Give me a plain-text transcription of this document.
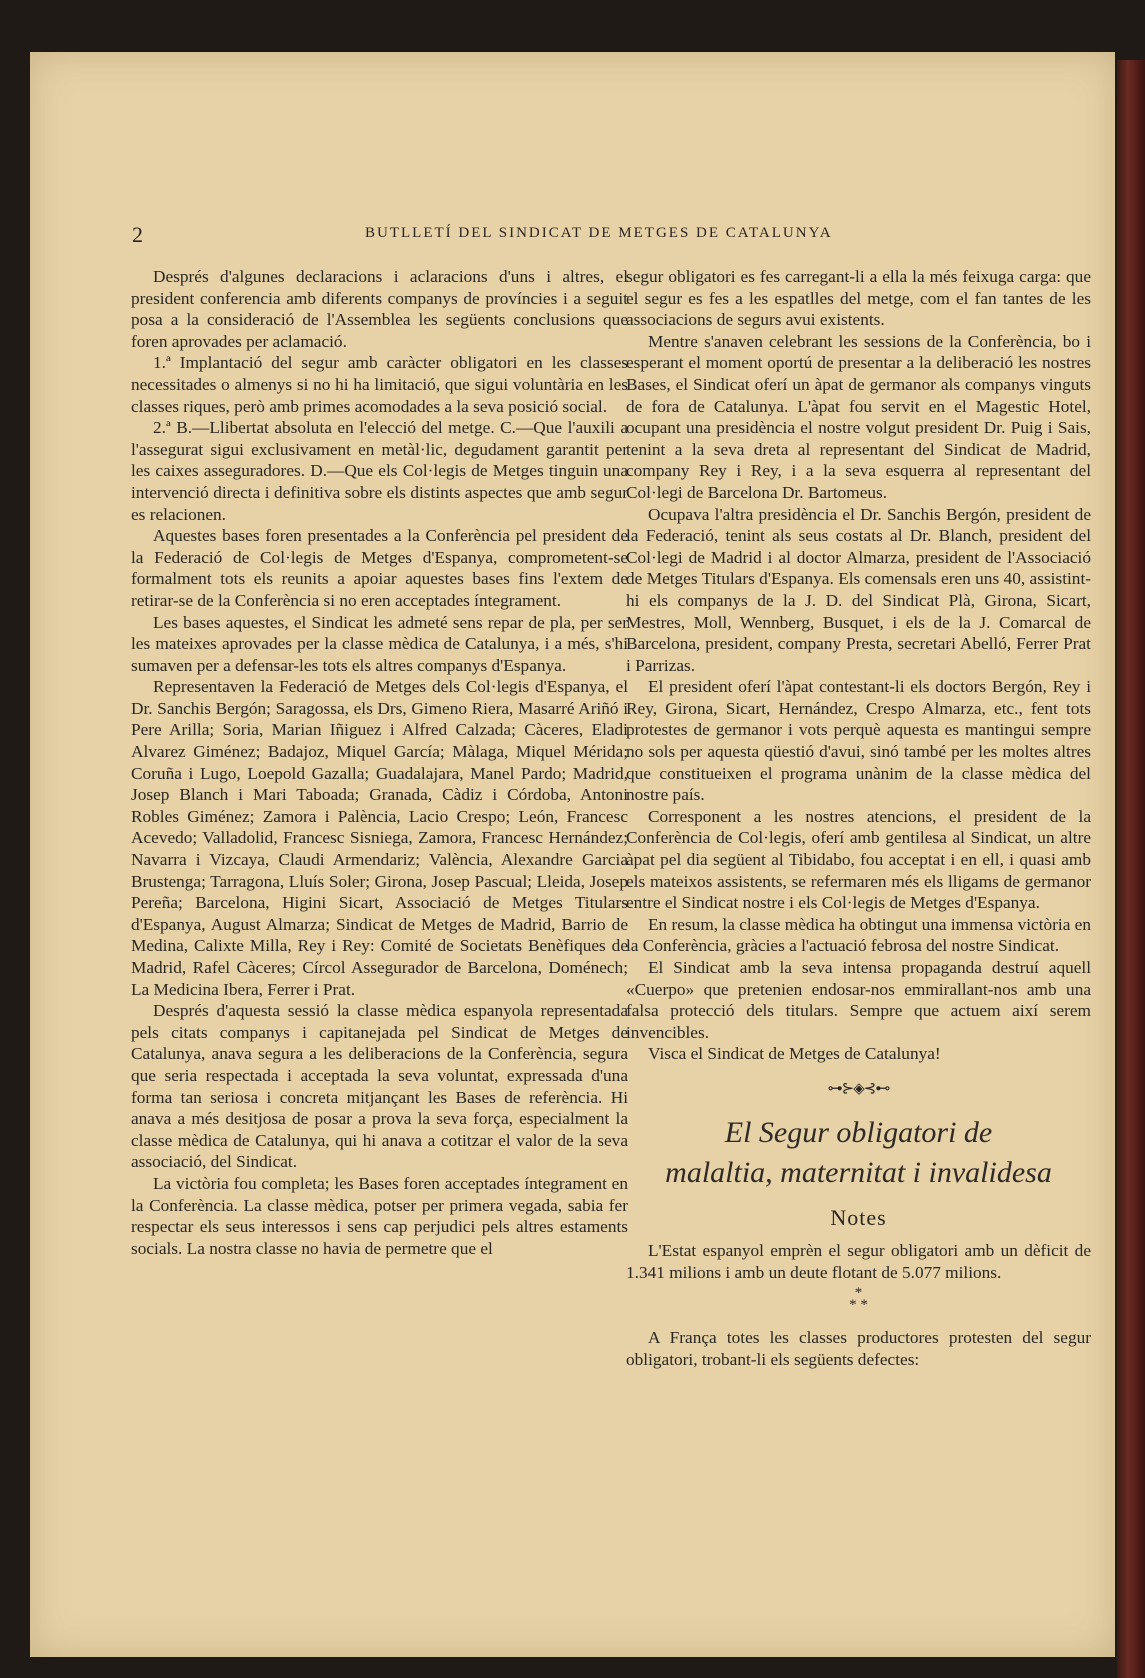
2	BUTLLETÍ DEL SINDICAT DE METGES DE CATALUNYA

Després d'algunes declaracions i aclaracions d'uns i altres, el president conferencia amb diferents companys de províncies i a seguit posa a la consideració de l'Assemblea les següents conclusions que foren aprovades per aclamació.

1.ª Implantació del segur amb caràcter obligatori en les classes necessitades o almenys si no hi ha limitació, que sigui voluntària en les classes riques, però amb primes acomodades a la seva posició social.

2.ª B.—Llibertat absoluta en l'elecció del metge. C.—Que l'auxili a l'assegurat sigui exclusivament en metàl·lic, degudament garantit per les caixes asseguradores. D.—Que els Col·legis de Metges tinguin una intervenció directa i definitiva sobre els distints aspectes que amb segur es relacionen.

Aquestes bases foren presentades a la Conferència pel president de la Federació de Col·legis de Metges d'Espanya, comprometent-se formalment tots els reunits a apoiar aquestes bases fins l'extem de retirar-se de la Conferència si no eren acceptades íntegrament.

Les bases aquestes, el Sindicat les admeté sens repar de pla, per ser les mateixes aprovades per la classe mèdica de Catalunya, i a més, s'hi sumaven per a defensar-les tots els altres companys d'Espanya.

Representaven la Federació de Metges dels Col·legis d'Espanya, el Dr. Sanchis Bergón; Saragossa, els Drs, Gimeno Riera, Masarré Ariñó i Pere Arilla; Soria, Marian Iñiguez i Alfred Calzada; Càceres, Eladi Alvarez Giménez; Badajoz, Miquel García; Màlaga, Miquel Mérida; Coruña i Lugo, Loepold Gazalla; Guadalajara, Manel Pardo; Madrid, Josep Blanch i Mari Taboada; Granada, Càdiz i Córdoba, Antoni Robles Giménez; Zamora i Palència, Lacio Crespo; León, Francesc Acevedo; Valladolid, Francesc Sisniega, Zamora, Francesc Hernández; Navarra i Vizcaya, Claudi Armendariz; València, Alexandre Garcia Brustenga; Tarragona, Lluís Soler; Girona, Josep Pascual; Lleida, Josep Pereña; Barcelona, Higini Sicart, Associació de Metges Titulars d'Espanya, August Almarza; Sindicat de Metges de Madrid, Barrio de Medina, Calixte Milla, Rey i Rey: Comité de Societats Benèfiques de Madrid, Rafel Càceres; Círcol Assegurador de Barcelona, Doménech; La Medicina Ibera, Ferrer i Prat.

Després d'aquesta sessió la classe mèdica espanyola representada pels citats companys i capitanejada pel Sindicat de Metges de Catalunya, anava segura a les deliberacions de la Conferència, segura que seria respectada i acceptada la seva voluntat, expressada d'una forma tan seriosa i concreta mitjançant les Bases de referència. Hi anava a més desitjosa de posar a prova la seva força, especialment la classe mèdica de Catalunya, qui hi anava a cotitzar el valor de la seva associació, del Sindicat.

La victòria fou completa; les Bases foren acceptades íntegrament en la Conferència. La classe mèdica, potser per primera vegada, sabia fer respectar els seus interessos i sens cap perjudici pels altres estaments socials. La nostra classe no havia de permetre que el

segur obligatori es fes carregant-li a ella la més feixuga carga: que el segur es fes a les espatlles del metge, com el fan tantes de les associacions de segurs avui existents.

Mentre s'anaven celebrant les sessions de la Conferència, bo i esperant el moment oportú de presentar a la deliberació les nostres Bases, el Sindicat oferí un àpat de germanor als companys vinguts de fora de Catalunya. L'àpat fou servit en el Magestic Hotel, ocupant una presidència el nostre volgut president Dr. Puig i Sais, tenint a la seva dreta al representant del Sindicat de Madrid, company Rey i Rey, i a la seva esquerra al representant del Col·legi de Barcelona Dr. Bartomeus.

Ocupava l'altra presidència el Dr. Sanchis Bergón, president de la Federació, tenint als seus costats al Dr. Blanch, president del Col·legi de Madrid i al doctor Almarza, president de l'Associació de Metges Titulars d'Espanya. Els comensals eren uns 40, assistint-hi els companys de la J. D. del Sindicat Plà, Girona, Sicart, Mestres, Moll, Wennberg, Busquet, i els de la J. Comarcal de Barcelona, president, company Presta, secretari Abelló, Ferrer Prat i Parrizas.

El president oferí l'àpat contestant-li els doctors Bergón, Rey i Rey, Girona, Sicart, Hernández, Crespo Almarza, etc., fent tots protestes de germanor i vots perquè aquesta es mantingui sempre no sols per aquesta qüestió d'avui, sinó també per les moltes altres que constitueixen el programa unànim de la classe mèdica del nostre país.

Corresponent a les nostres atencions, el president de la Conferència de Col·legis, oferí amb gentilesa al Sindicat, un altre àpat pel dia següent al Tibidabo, fou acceptat i en ell, i quasi amb els mateixos assistents, se refermaren més els lligams de germanor entre el Sindicat nostre i els Col·legis de Metges d'Espanya.

En resum, la classe mèdica ha obtingut una immensa victòria en la Conferència, gràcies a l'actuació febrosa del nostre Sindicat.

El Sindicat amb la seva intensa propaganda destruí aquell «Cuerpo» que pretenien endosar-nos emmirallant-nos amb una falsa protecció dels titulars. Sempre que actuem així serem invencibles.

Visca el Sindicat de Metges de Catalunya!

⊶⊱◈⊰⊷
El Segur obligatori de
malaltia, maternitat i invalidesa
Notes

L'Estat espanyol emprèn el segur obligatori amb un dèficit de 1.341 milions i amb un deute flotant de 5.077 milions.

*
* *

A França totes les classes productores protesten del segur obligatori, trobant-li els següents defectes:
